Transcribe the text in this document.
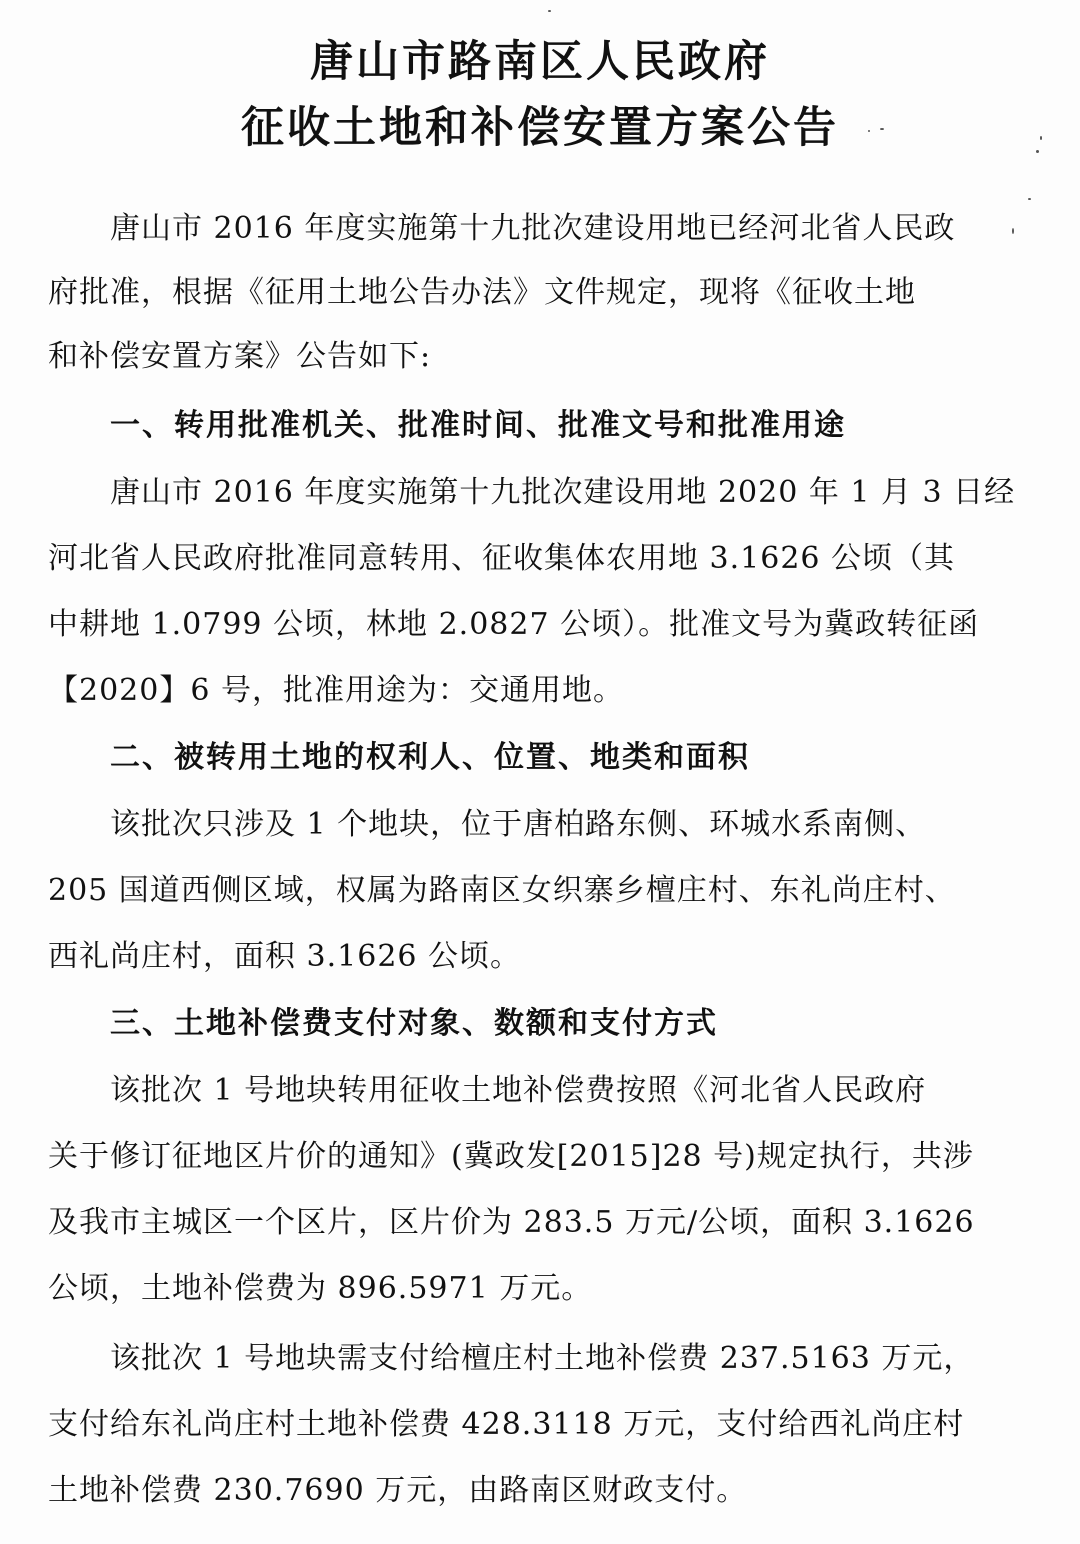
唐山市路南区人民政府
征收土地和补偿安置方案公告

唐山市 2016 年度实施第十九批次建设用地已经河北省人民政

府批准，根据《征用土地公告办法》文件规定，现将《征收土地

和补偿安置方案》公告如下:

一、转用批准机关、批准时间、批准文号和批准用途

唐山市 2016 年度实施第十九批次建设用地 2020 年 1 月 3 日经

河北省人民政府批准同意转用、征收集体农用地 3.1626 公顷（其

中耕地 1.0799 公顷，林地 2.0827 公顷）。批准文号为冀政转征函

【2020】6 号，批准用途为：交通用地。

二、被转用土地的权利人、位置、地类和面积

该批次只涉及 1 个地块，位于唐柏路东侧、环城水系南侧、

205 国道西侧区域，权属为路南区女织寨乡檀庄村、东礼尚庄村、

西礼尚庄村，面积 3.1626 公顷。

三、土地补偿费支付对象、数额和支付方式

该批次 1 号地块转用征收土地补偿费按照《河北省人民政府

关于修订征地区片价的通知》(冀政发[2015]28 号)规定执行，共涉

及我市主城区一个区片，区片价为 283.5 万元/公顷，面积 3.1626

公顷，土地补偿费为 896.5971 万元。

该批次 1 号地块需支付给檀庄村土地补偿费 237.5163 万元，

支付给东礼尚庄村土地补偿费 428.3118 万元，支付给西礼尚庄村

土地补偿费 230.7690 万元，由路南区财政支付。
